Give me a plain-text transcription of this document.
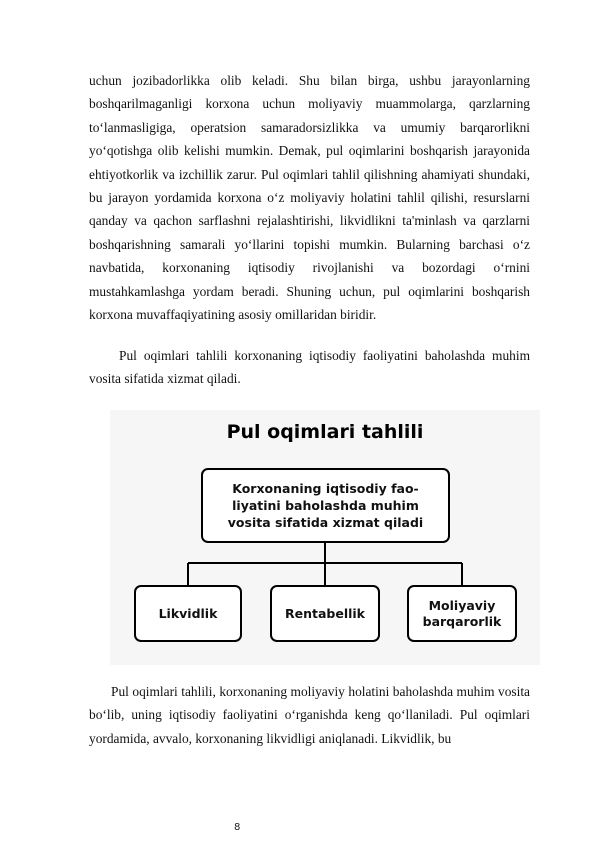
uchun jozibadorlikka olib keladi. Shu bilan birga, ushbu jarayonlarning boshqarilmaganligi korxona uchun moliyaviy muammolarga, qarzlarning to‘lanmasligiga, operatsion samaradorsizlikka va umumiy barqarorlikni yo‘qotishga olib kelishi mumkin. Demak, pul oqimlarini boshqarish jarayonida ehtiyotkorlik va izchillik zarur. Pul oqimlari tahlil qilishning ahamiyati shundaki, bu jarayon yordamida korxona o‘z moliyaviy holatini tahlil qilishi, resurslarni qanday va qachon sarflashni rejalashtirishi, likvidlikni ta'minlash va qarzlarni boshqarishning samarali yo‘llarini topishi mumkin. Bularning barchasi o‘z navbatida, korxonaning iqtisodiy rivojlanishi va bozordagi o‘rnini mustahkamlashga yordam beradi. Shuning uchun, pul oqimlarini boshqarish korxona muvaffaqiyatining asosiy omillaridan biridir.

Pul oqimlari tahlili korxonaning iqtisodiy faoliyatini baholashda muhim vosita sifatida xizmat qiladi.

Pul oqimlari tahlili
Korxonaning iqtisodiy fao-liyatini baholashda muhim vosita sifatida xizmat qiladi
Likvidlik	Rentabellik
Moliyaviy
barqarorlik

Pul oqimlari tahlili, korxonaning moliyaviy holatini baholashda muhim vosita bo‘lib, uning iqtisodiy faoliyatini o‘rganishda keng qo‘llaniladi. Pul oqimlari yordamida, avvalo, korxonaning likvidligi aniqlanadi. Likvidlik, bu

8
